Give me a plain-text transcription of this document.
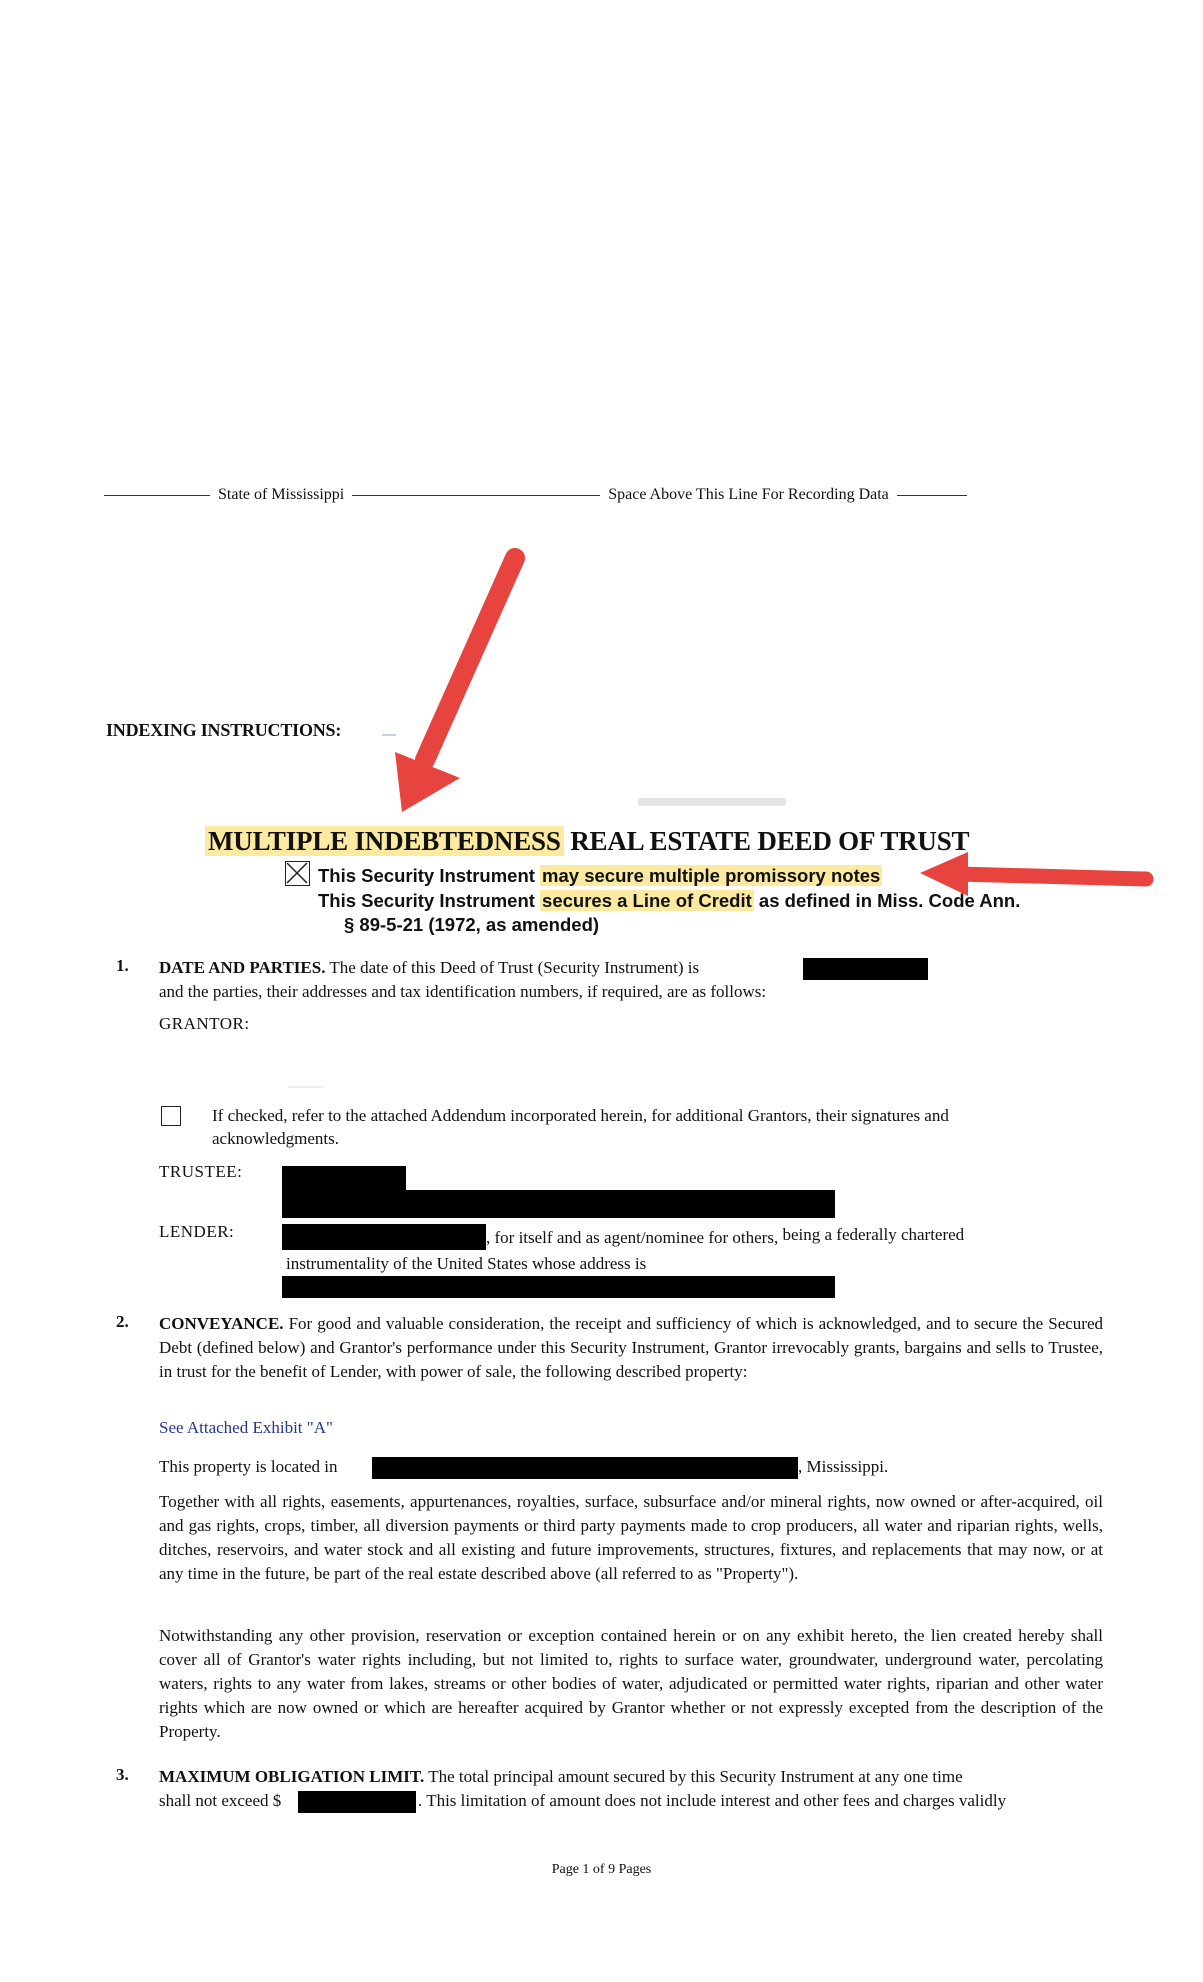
State of Mississippi	Space Above This Line For Recording Data
INDEXING INSTRUCTIONS:
MULTIPLE INDEBTEDNESS REAL ESTATE DEED OF TRUST
This Security Instrument may secure multiple promissory notes
This Security Instrument secures a Line of Credit as defined in Miss. Code Ann.
§ 89-5-21 (1972, as amended)
1. DATE AND PARTIES. The date of this Deed of Trust (Security Instrument) is
and the parties, their addresses and tax identification numbers, if required, are as follows:
GRANTOR:
If checked, refer to the attached Addendum incorporated herein, for additional Grantors, their signatures and
acknowledgments.
TRUSTEE:
LENDER:	, for itself and as agent/nominee for others, being a federally chartered
instrumentality of the United States whose address is
2. CONVEYANCE. For good and valuable consideration, the receipt and sufficiency of which is acknowledged, and to secure the Secured Debt (defined below) and Grantor's performance under this Security Instrument, Grantor irrevocably grants, bargains and sells to Trustee, in trust for the benefit of Lender, with power of sale, the following described property:
See Attached Exhibit "A"
This property is located in	, Mississippi.
Together with all rights, easements, appurtenances, royalties, surface, subsurface and/or mineral rights, now owned or after-acquired, oil and gas rights, crops, timber, all diversion payments or third party payments made to crop producers, all water and riparian rights, wells, ditches, reservoirs, and water stock and all existing and future improvements, structures, fixtures, and replacements that may now, or at any time in the future, be part of the real estate described above (all referred to as "Property").
Notwithstanding any other provision, reservation or exception contained herein or on any exhibit hereto, the lien created hereby shall cover all of Grantor's water rights including, but not limited to, rights to surface water, groundwater, underground water, percolating waters, rights to any water from lakes, streams or other bodies of water, adjudicated or permitted water rights, riparian and other water rights which are now owned or which are hereafter acquired by Grantor whether or not expressly excepted from the description of the Property.
3. MAXIMUM OBLIGATION LIMIT. The total principal amount secured by this Security Instrument at any one time
shall not exceed $	. This limitation of amount does not include interest and other fees and charges validly
Page 1 of 9 Pages
